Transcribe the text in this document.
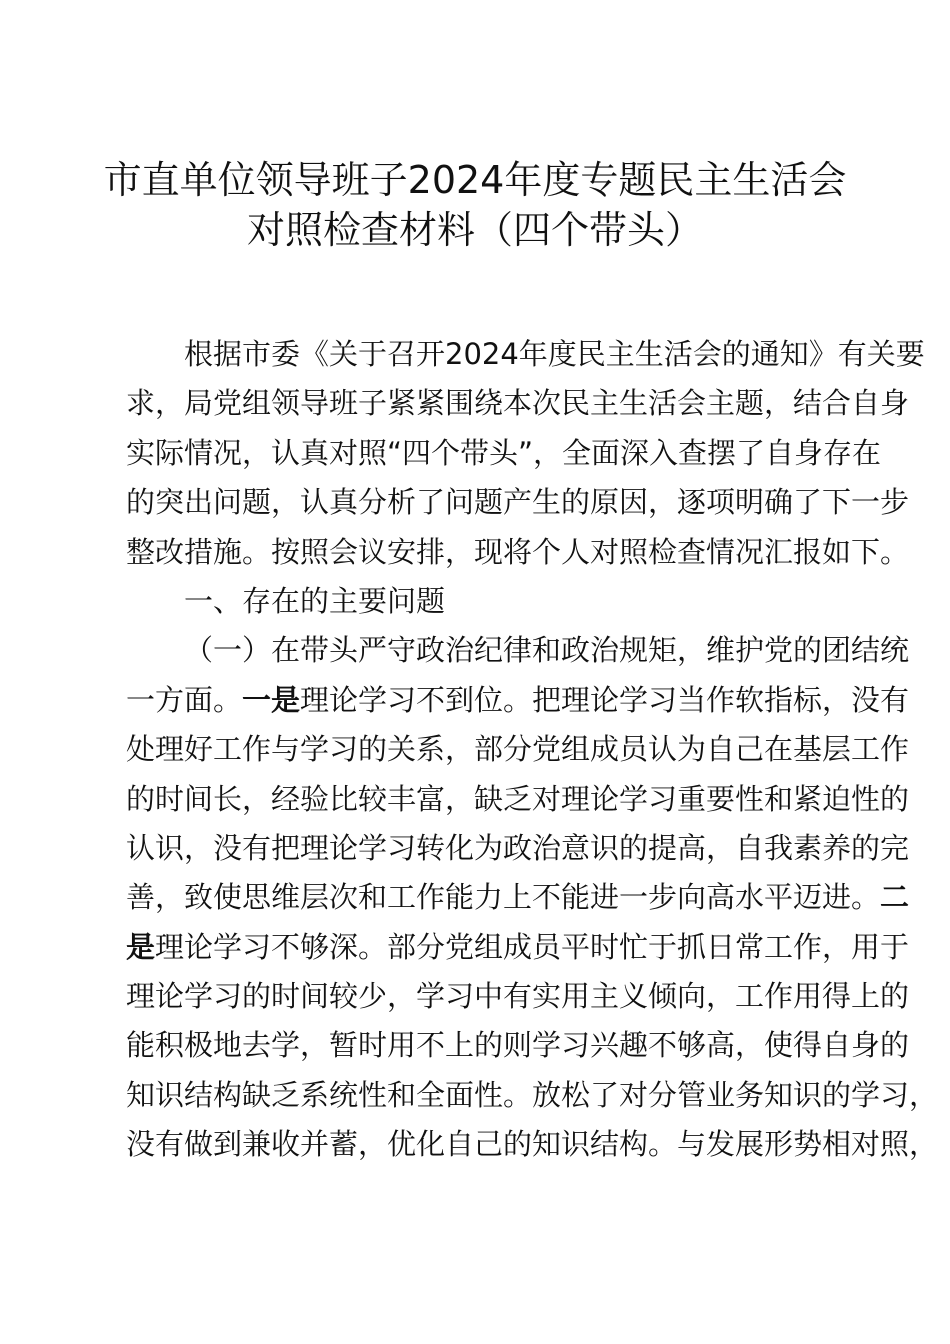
市直单位领导班子2024年度专题民主生活会
对照检查材料（四个带头）
根据市委《关于召开2024年度民主生活会的通知》有关要
求，局党组领导班子紧紧围绕本次民主生活会主题，结合自身
实际情况，认真对照“四个带头”，全面深入查摆了自身存在
的突出问题，认真分析了问题产生的原因，逐项明确了下一步
整改措施。按照会议安排，现将个人对照检查情况汇报如下。
一、存在的主要问题
（一）在带头严守政治纪律和政治规矩，维护党的团结统
一方面。一是理论学习不到位。把理论学习当作软指标，没有
处理好工作与学习的关系，部分党组成员认为自己在基层工作
的时间长，经验比较丰富，缺乏对理论学习重要性和紧迫性的
认识，没有把理论学习转化为政治意识的提高，自我素养的完
善，致使思维层次和工作能力上不能进一步向高水平迈进。二
是理论学习不够深。部分党组成员平时忙于抓日常工作，用于
理论学习的时间较少，学习中有实用主义倾向，工作用得上的
能积极地去学，暂时用不上的则学习兴趣不够高，使得自身的
知识结构缺乏系统性和全面性。放松了对分管业务知识的学习，
没有做到兼收并蓄，优化自己的知识结构。与发展形势相对照，
